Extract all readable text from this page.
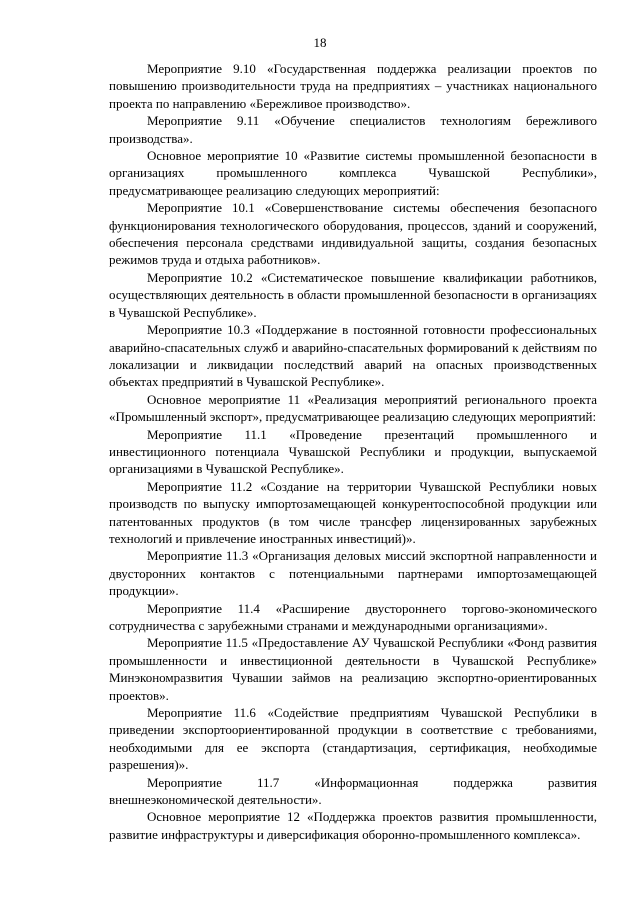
18

Мероприятие 9.10 «Государственная поддержка реализации проектов по повышению производительности труда на предприятиях – участниках национального проекта по направлению «Бережливое производство».

Мероприятие 9.11 «Обучение специалистов технологиям бережливого производства».

Основное мероприятие 10 «Развитие системы промышленной безопасности в организациях промышленного комплекса Чувашской Республики», предусматривающее реализацию следующих мероприятий:

Мероприятие 10.1 «Совершенствование системы обеспечения безопасного функционирования технологического оборудования, процессов, зданий и сооружений, обеспечения персонала средствами индивидуальной защиты, создания безопасных режимов труда и отдыха работников».

Мероприятие 10.2 «Систематическое повышение квалификации работников, осуществляющих деятельность в области промышленной безопасности в организациях в Чувашской Республике».

Мероприятие 10.3 «Поддержание в постоянной готовности профессиональных аварийно-спасательных служб и аварийно-спасательных формирований к действиям по локализации и ликвидации последствий аварий на опасных производственных объектах предприятий в Чувашской Республике».

Основное мероприятие 11 «Реализация мероприятий регионального проекта «Промышленный экспорт», предусматривающее реализацию следующих мероприятий:

Мероприятие 11.1 «Проведение презентаций промышленного и инвестиционного потенциала Чувашской Республики и продукции, выпускаемой организациями в Чувашской Республике».

Мероприятие 11.2 «Создание на территории Чувашской Республики новых производств по выпуску импортозамещающей конкурентоспособной продукции или патентованных продуктов (в том числе трансфер лицензированных зарубежных технологий и привлечение иностранных инвестиций)».

Мероприятие 11.3 «Организация деловых миссий экспортной направленности и двусторонних контактов с потенциальными партнерами импортозамещающей продукции».

Мероприятие 11.4 «Расширение двустороннего торгово-экономического сотрудничества с зарубежными странами и международными организациями».

Мероприятие 11.5 «Предоставление АУ Чувашской Республики «Фонд развития промышленности и инвестиционной деятельности в Чувашской Республике» Минэкономразвития Чувашии займов на реализацию экспортно-ориентированных проектов».

Мероприятие 11.6 «Содействие предприятиям Чувашской Республики в приведении экспортоориентированной продукции в соответствие с требованиями, необходимыми для ее экспорта (стандартизация, сертификация, необходимые разрешения)».

Мероприятие 11.7 «Информационная поддержка развития внешнеэкономической деятельности».

Основное мероприятие 12 «Поддержка проектов развития промышленности, развитие инфраструктуры и диверсификация оборонно-промышленного комплекса».
